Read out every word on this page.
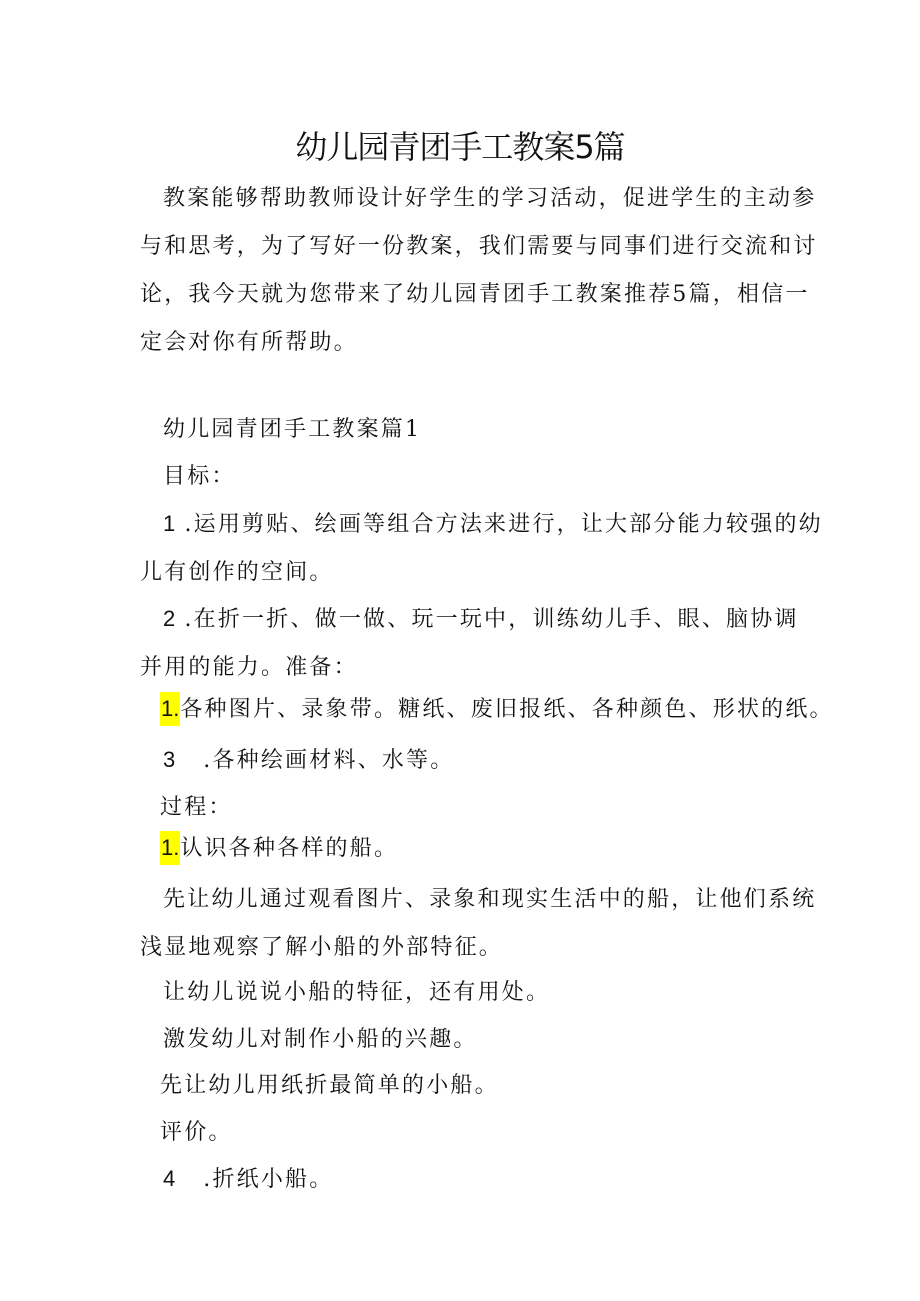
幼儿园青团手工教案5篇
教案能够帮助教师设计好学生的学习活动，促进学生的主动参
与和思考，为了写好一份教案，我们需要与同事们进行交流和讨
论，我今天就为您带来了幼儿园青团手工教案推荐5篇，相信一
定会对你有所帮助。
幼儿园青团手工教案篇1
目标：
1 .运用剪贴、绘画等组合方法来进行，让大部分能力较强的幼
儿有创作的空间。
2 .在折一折、做一做、玩一玩中，训练幼儿手、眼、脑协调
并用的能力。准备：
1.各种图片、录象带。糖纸、废旧报纸、各种颜色、形状的纸。
3 .各种绘画材料、水等。
过程：
1.认识各种各样的船。
先让幼儿通过观看图片、录象和现实生活中的船，让他们系统
浅显地观察了解小船的外部特征。
让幼儿说说小船的特征，还有用处。
激发幼儿对制作小船的兴趣。
先让幼儿用纸折最简单的小船。
评价。
4 .折纸小船。
